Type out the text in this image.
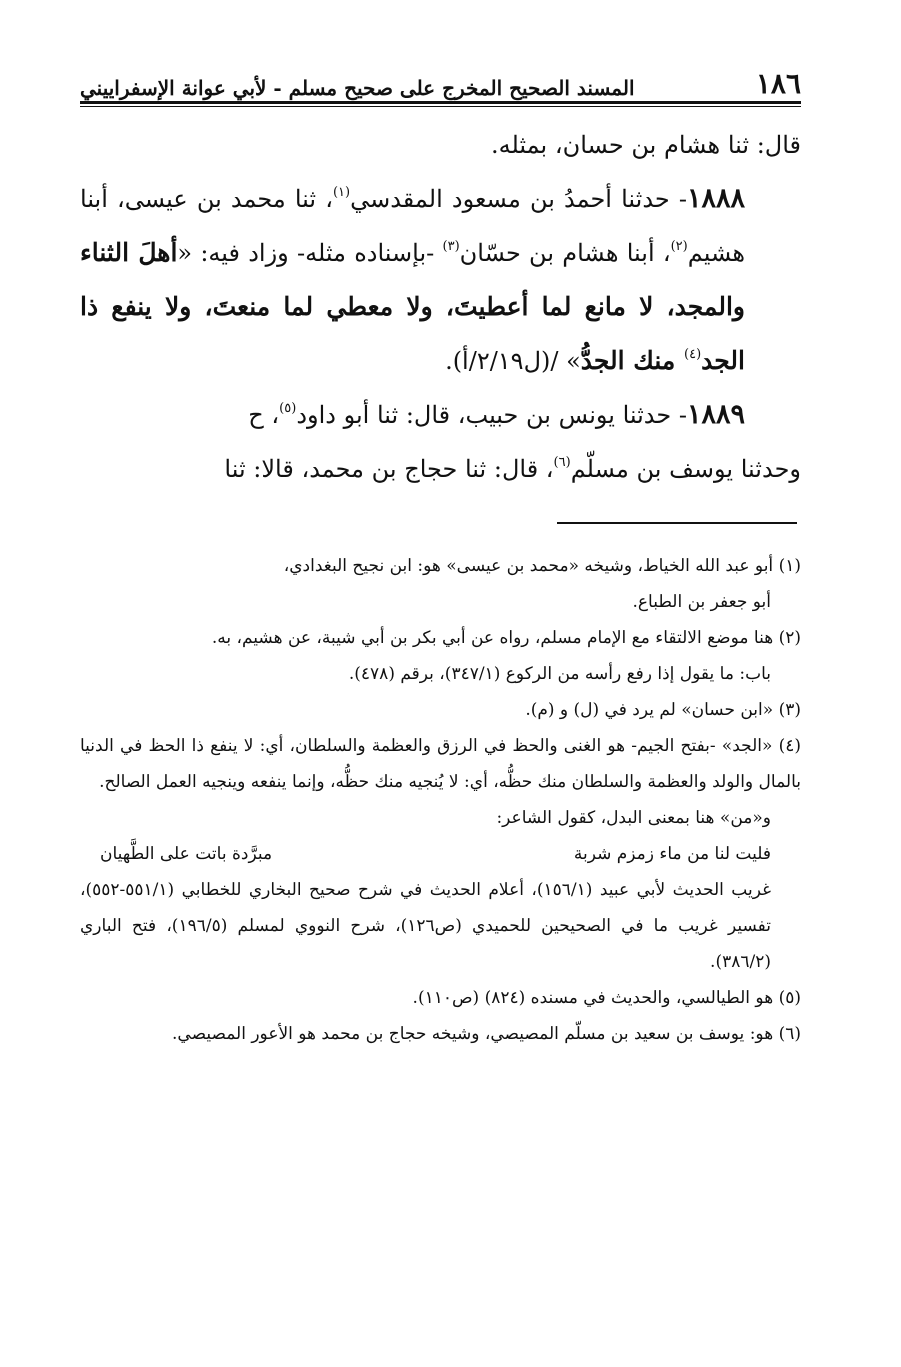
١٨٦
المسند الصحيح المخرج على صحيح مسلم - لأبي عوانة الإسفراييني

قال: ثنا هشام بن حسان، بمثله.

١٨٨٨- حدثنا أحمدُ بن مسعود المقدسي$^{(١)}$، ثنا محمد بن عيسى، أبنا هشيم$^{(٢)}$، أبنا هشام بن حسّان$^{(٣)}$ -بإسناده مثله- وزاد فيه: «أهلَ الثناء والمجد، لا مانع لما أعطيتَ، ولا معطي لما منعتَ، ولا ينفع ذا الجد$^{(٤)}$ منك الجدُّ» /(ل٢/١٩/أ).

١٨٨٩- حدثنا يونس بن حبيب، قال: ثنا أبو داود$^{(٥)}$، ح

وحدثنا يوسف بن مسلّم$^{(٦)}$، قال: ثنا حجاج بن محمد، قالا: ثنا

(١) أبو عبد الله الخياط، وشيخه «محمد بن عيسى» هو: ابن نجيح البغدادي،
أبو جعفر بن الطباع.

(٢) هنا موضع الالتقاء مع الإمام مسلم، رواه عن أبي بكر بن أبي شيبة، عن هشيم، به.
باب: ما يقول إذا رفع رأسه من الركوع (٣٤٧/١)، برقم (٤٧٨).

(٣) «ابن حسان» لم يرد في (ل) و (م).

(٤) «الجد» -بفتح الجيم- هو الغنى والحظ في الرزق والعظمة والسلطان، أي: لا ينفع ذا الحظ في الدنيا بالمال والولد والعظمة والسلطان منك حظُّه، أي: لا يُنجيه منك حظُّه، وإنما ينفعه وينجيه العمل الصالح.

و«من» هنا بمعنى البدل، كقول الشاعر:

فليت لنا من ماء زمزم شربة
مبرَّدة باتت على الطَّهيان

غريب الحديث لأبي عبيد (١٥٦/١)، أعلام الحديث في شرح صحيح البخاري للخطابي (٥٥١/١-٥٥٢)، تفسير غريب ما في الصحيحين للحميدي (ص١٢٦)، شرح النووي لمسلم (١٩٦/٥)، فتح الباري (٣٨٦/٢).

(٥) هو الطيالسي، والحديث في مسنده (٨٢٤) (ص١١٠).

(٦) هو: يوسف بن سعيد بن مسلّم المصيصي، وشيخه حجاج بن محمد هو الأعور المصيصي.
